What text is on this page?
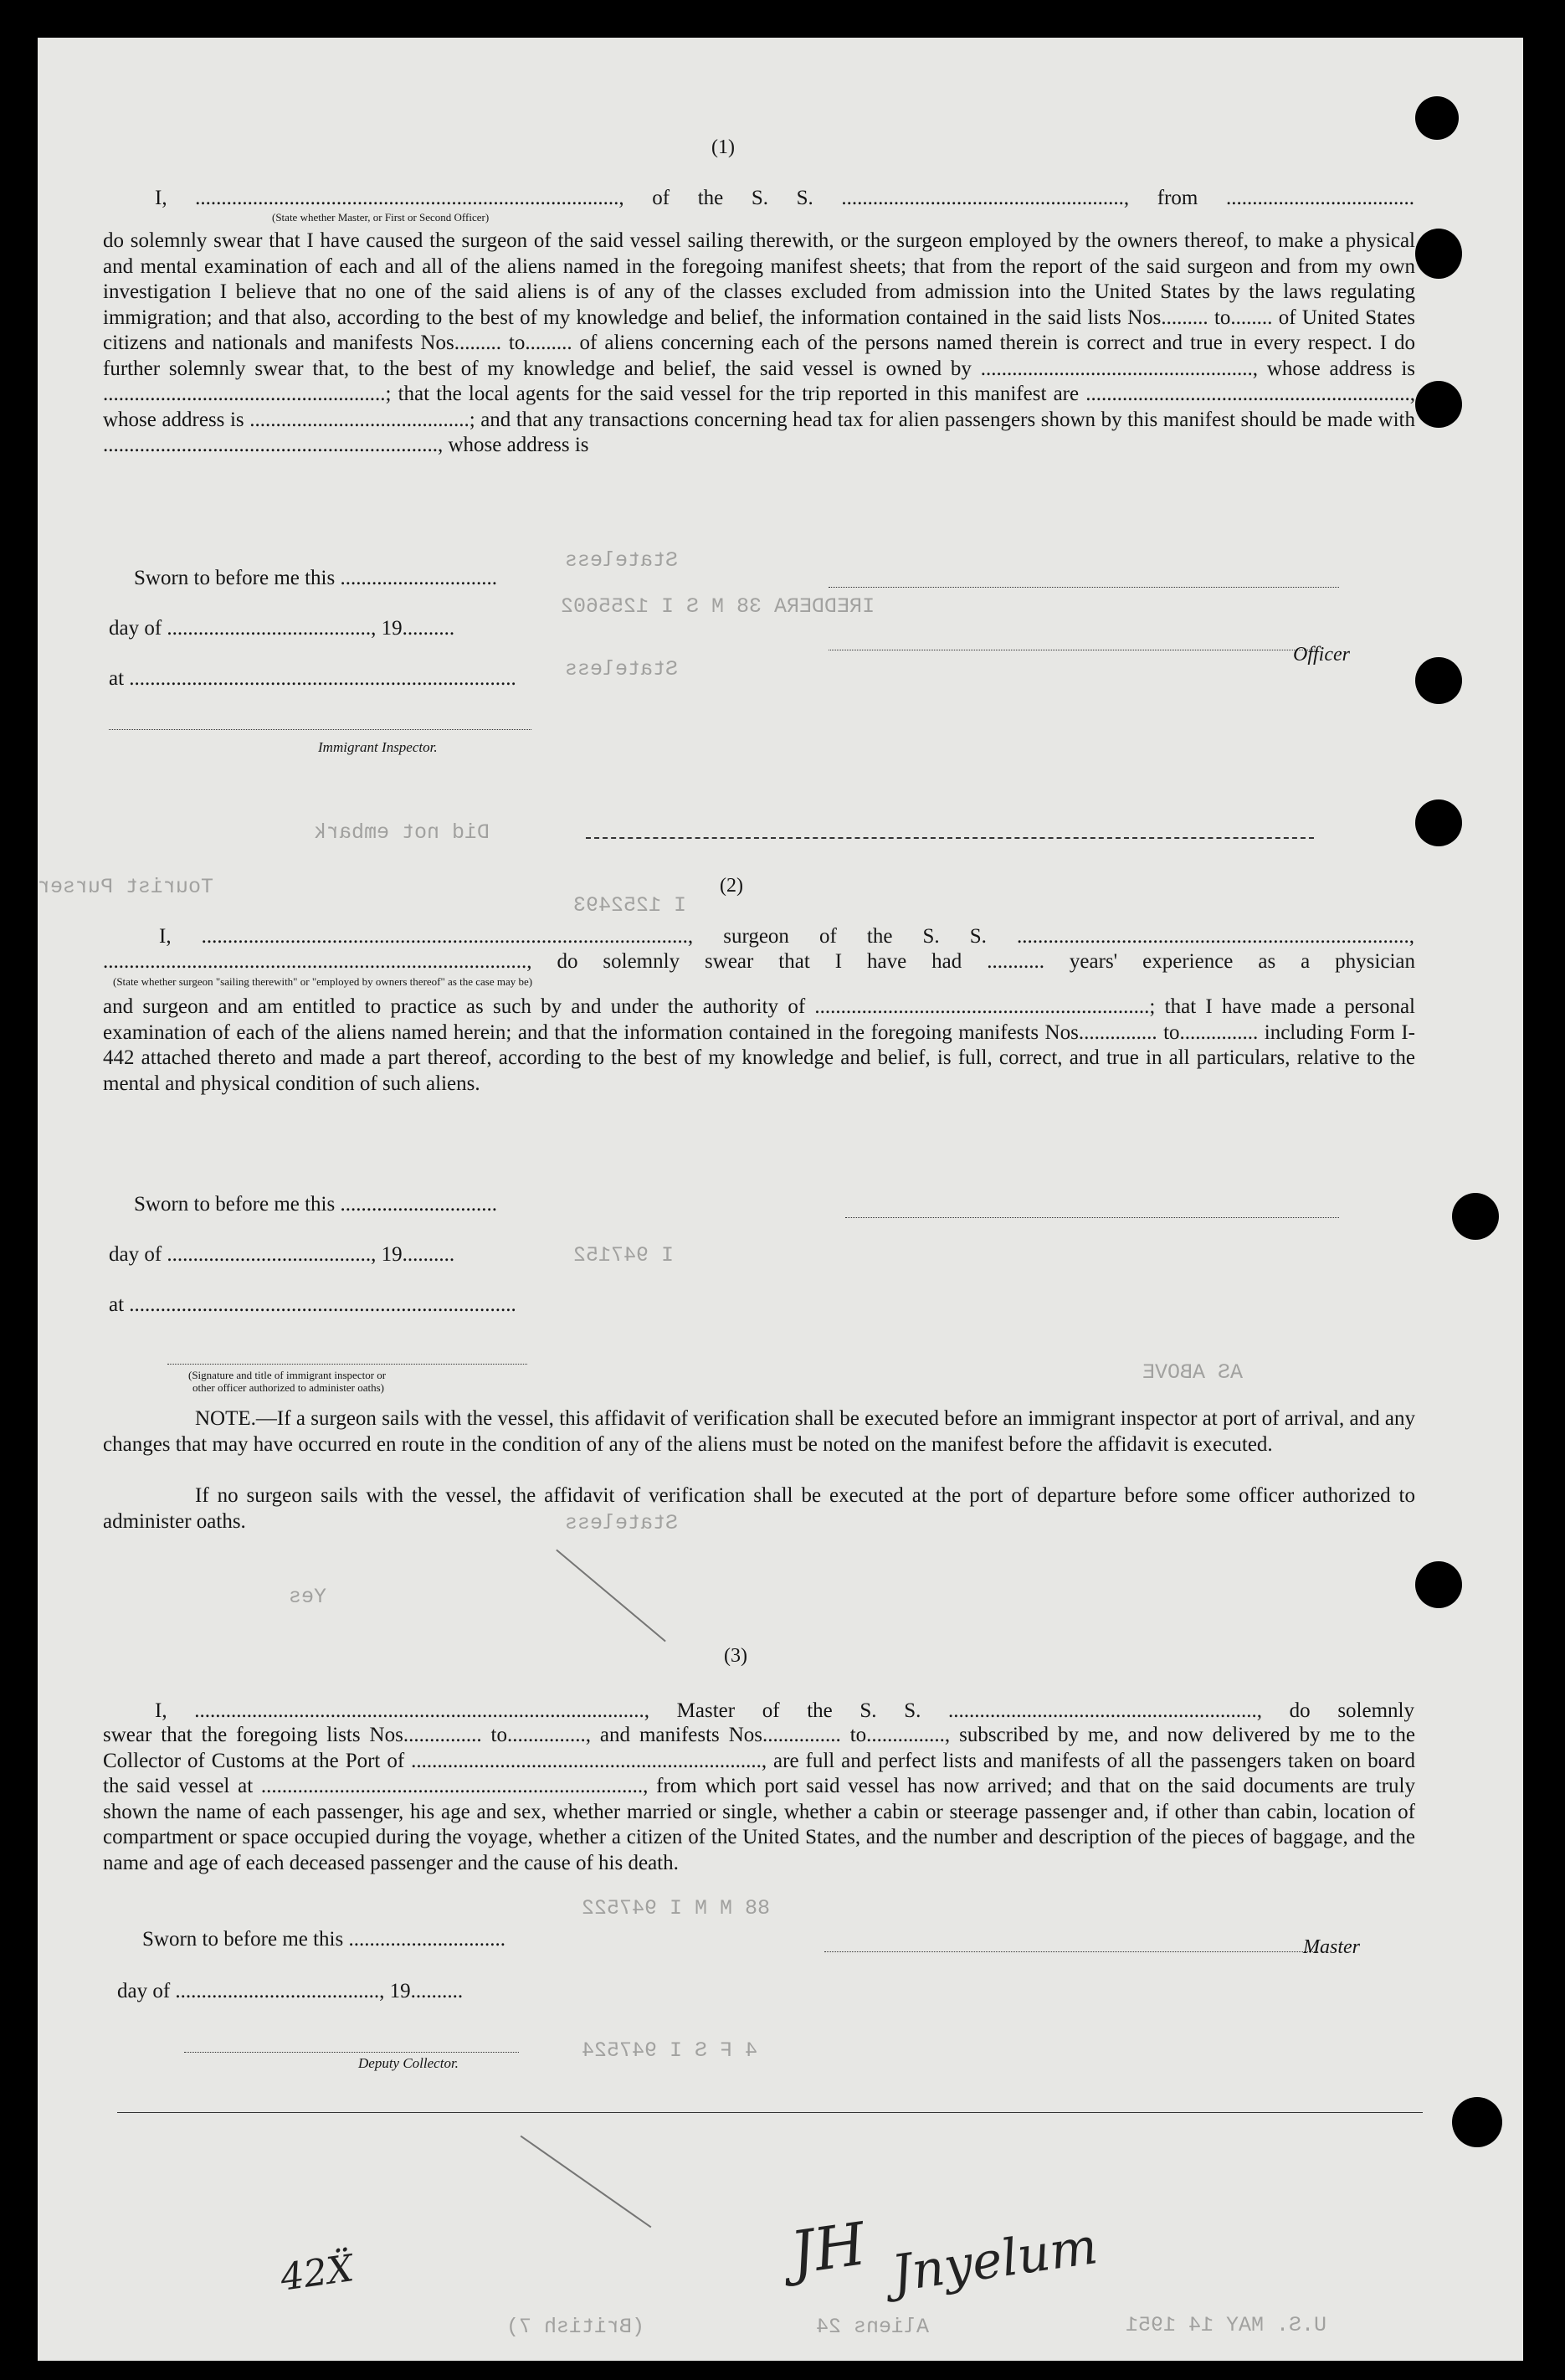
IREDDERA 38 M S I 1255602
Stateless
Stateless
Stateless
I 1252493
Did not embark
Tourist Purser
Yes
I 947152
AS ABOVE
88 M M I 947522
4 F S I 947524
Aliens 24
(British 7)	U.S. MAY 14 1951
(1)
I, ................................................................................., of the S. S. ......................................................, from ....................................
(State whether Master, or First or Second Officer)

do solemnly swear that I have caused the surgeon of the said vessel sailing therewith, or the surgeon employed by the owners thereof, to make a physical and mental examination of each and all of the aliens named in the foregoing manifest sheets; that from the report of the said surgeon and from my own investigation I believe that no one of the said aliens is of any of the classes excluded from admission into the United States by the laws regulating immigration; and that also, according to the best of my knowledge and belief, the information contained in the said lists Nos......... to........ of United States citizens and nationals and manifests Nos......... to......... of aliens concerning each of the persons named therein is correct and true in every respect. I do further solemnly swear that, to the best of my knowledge and belief, the said vessel is owned by ...................................................., whose address is ......................................................; that the local agents for the said vessel for the trip reported in this manifest are .............................................................., whose address is ..........................................; and that any transactions concerning head tax for alien passengers shown by this manifest should be made with ................................................................, whose address is

Sworn to before me this ..............................
day of ......................................., 19..........
at ..........................................................................
Immigrant Inspector.
Officer
(2)
I, ............................................................................................., surgeon of the S. S. ...........................................................................,
................................................................................., do solemnly swear that I have had ........... years' experience as a physician
(State whether surgeon "sailing therewith" or "employed by owners thereof" as the case may be)

and surgeon and am entitled to practice as such by and under the authority of ................................................................; that I have made a personal examination of each of the aliens named herein; and that the information contained in the foregoing manifests Nos............... to............... including Form I-442 attached thereto and made a part thereof, according to the best of my knowledge and belief, is full, correct, and true in all particulars, relative to the mental and physical condition of such aliens.

Sworn to before me this ..............................
day of ......................................., 19..........
at ..........................................................................
(Signature and title of immigrant inspector or
other officer authorized to administer oaths)

NOTE.—If a surgeon sails with the vessel, this affidavit of verification shall be executed before an immigrant inspector at port of arrival, and any changes that may have occurred en route in the condition of any of the aliens must be noted on the manifest before the affidavit is executed.

If no surgeon sails with the vessel, the affidavit of verification shall be executed at the port of departure before some officer authorized to administer oaths.

(3)
I, ......................................................................................, Master of the S. S. ..........................................................., do solemnly

swear that the foregoing lists Nos............... to..............., and manifests Nos............... to..............., subscribed by me, and now delivered by me to the Collector of Customs at the Port of ..................................................................., are full and perfect lists and manifests of all the passengers taken on board the said vessel at ........................................................................., from which port said vessel has now arrived; and that on the said documents are truly shown the name of each passenger, his age and sex, whether married or single, whether a cabin or steerage passenger and, if other than cabin, location of compartment or space occupied during the voyage, whether a citizen of the United States, and the number and description of the pieces of baggage, and the name and age of each deceased passenger and the cause of his death.

Sworn to before me this ..............................
day of ......................................., 19..........
Deputy Collector.
Master
Jnyelum
JH
42Ẍ
